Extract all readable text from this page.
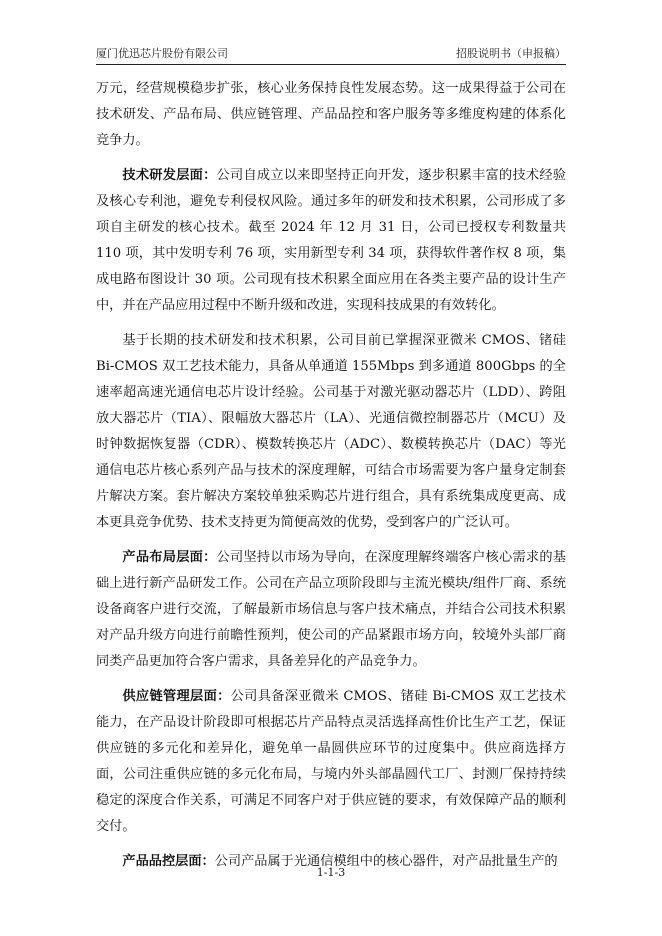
厦门优迅芯片股份有限公司	招股说明书（申报稿）

万元，经营规模稳步扩张，核心业务保持良性发展态势。这一成果得益于公司在技术研发、产品布局、供应链管理、产品品控和客户服务等多维度构建的体系化竞争力。

技术研发层面：公司自成立以来即坚持正向开发，逐步积累丰富的技术经验及核心专利池，避免专利侵权风险。通过多年的研发和技术积累，公司形成了多项自主研发的核心技术。截至 2024 年 12 月 31 日，公司已授权专利数量共 110 项，其中发明专利 76 项，实用新型专利 34 项，获得软件著作权 8 项，集成电路布图设计 30 项。公司现有技术积累全面应用在各类主要产品的设计生产中，并在产品应用过程中不断升级和改进，实现科技成果的有效转化。

基于长期的技术研发和技术积累，公司目前已掌握深亚微米 CMOS、锗硅 Bi-CMOS 双工艺技术能力，具备从单通道 155Mbps 到多通道 800Gbps 的全速率超高速光通信电芯片设计经验。公司基于对激光驱动器芯片（LDD）、跨阻放大器芯片（TIA）、限幅放大器芯片（LA）、光通信微控制器芯片（MCU）及时钟数据恢复器（CDR）、模数转换芯片（ADC）、数模转换芯片（DAC）等光通信电芯片核心系列产品与技术的深度理解，可结合市场需要为客户量身定制套片解决方案。套片解决方案较单独采购芯片进行组合，具有系统集成度更高、成本更具竞争优势、技术支持更为简便高效的优势，受到客户的广泛认可。

产品布局层面：公司坚持以市场为导向，在深度理解终端客户核心需求的基础上进行新产品研发工作。公司在产品立项阶段即与主流光模块/组件厂商、系统设备商客户进行交流，了解最新市场信息与客户技术痛点，并结合公司技术积累对产品升级方向进行前瞻性预判，使公司的产品紧跟市场方向，较境外头部厂商同类产品更加符合客户需求，具备差异化的产品竞争力。

供应链管理层面：公司具备深亚微米 CMOS、锗硅 Bi-CMOS 双工艺技术能力，在产品设计阶段即可根据芯片产品特点灵活选择高性价比生产工艺，保证供应链的多元化和差异化，避免单一晶圆供应环节的过度集中。供应商选择方面，公司注重供应链的多元化布局，与境内外头部晶圆代工厂、封测厂保持持续稳定的深度合作关系，可满足不同客户对于供应链的要求，有效保障产品的顺利交付。

产品品控层面：公司产品属于光通信模组中的核心器件，对产品批量生产的

1-1-3
